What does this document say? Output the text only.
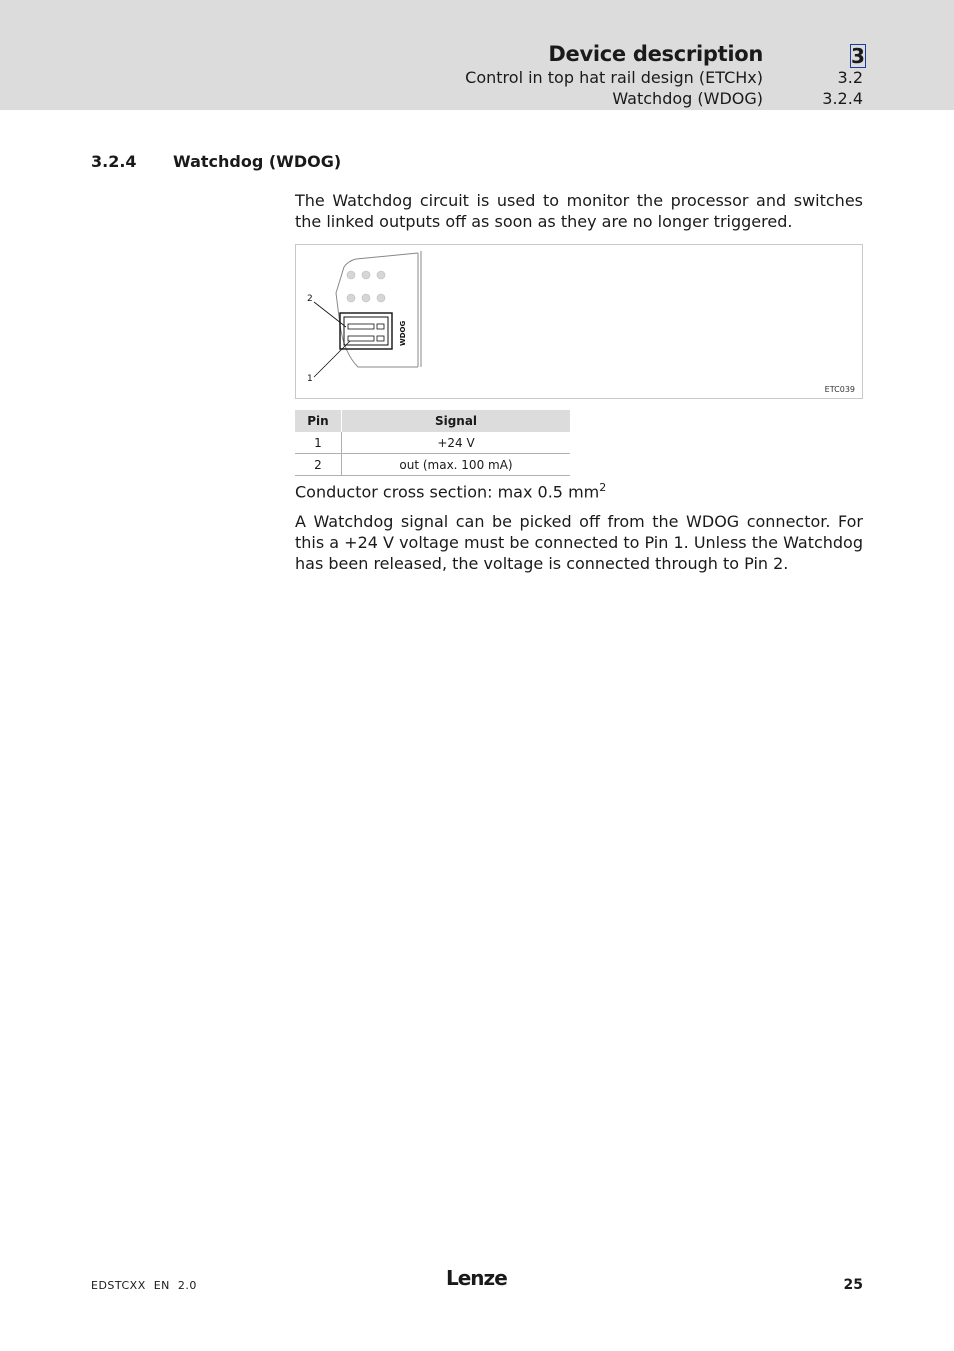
Device description	3
Control in top hat rail design (ETCHx)	3.2
Watchdog (WDOG)	3.2.4
3.2.4 Watchdog (WDOG)

The Watchdog circuit is used to monitor the processor and switches the linked outputs off as soon as they are no longer triggered.

2
1
WDOG
ETC039
Pin	Signal
1	+24 V
2	out (max. 100 mA)
Conductor cross section: max 0.5 $mm^2$

A Watchdog signal can be picked off from the WDOG connector. For this a +24 V voltage must be connected to Pin 1. Unless the Watchdog has been released, the voltage is connected through to Pin 2.

EDSTCXX  EN  2.0	Lenze	25
